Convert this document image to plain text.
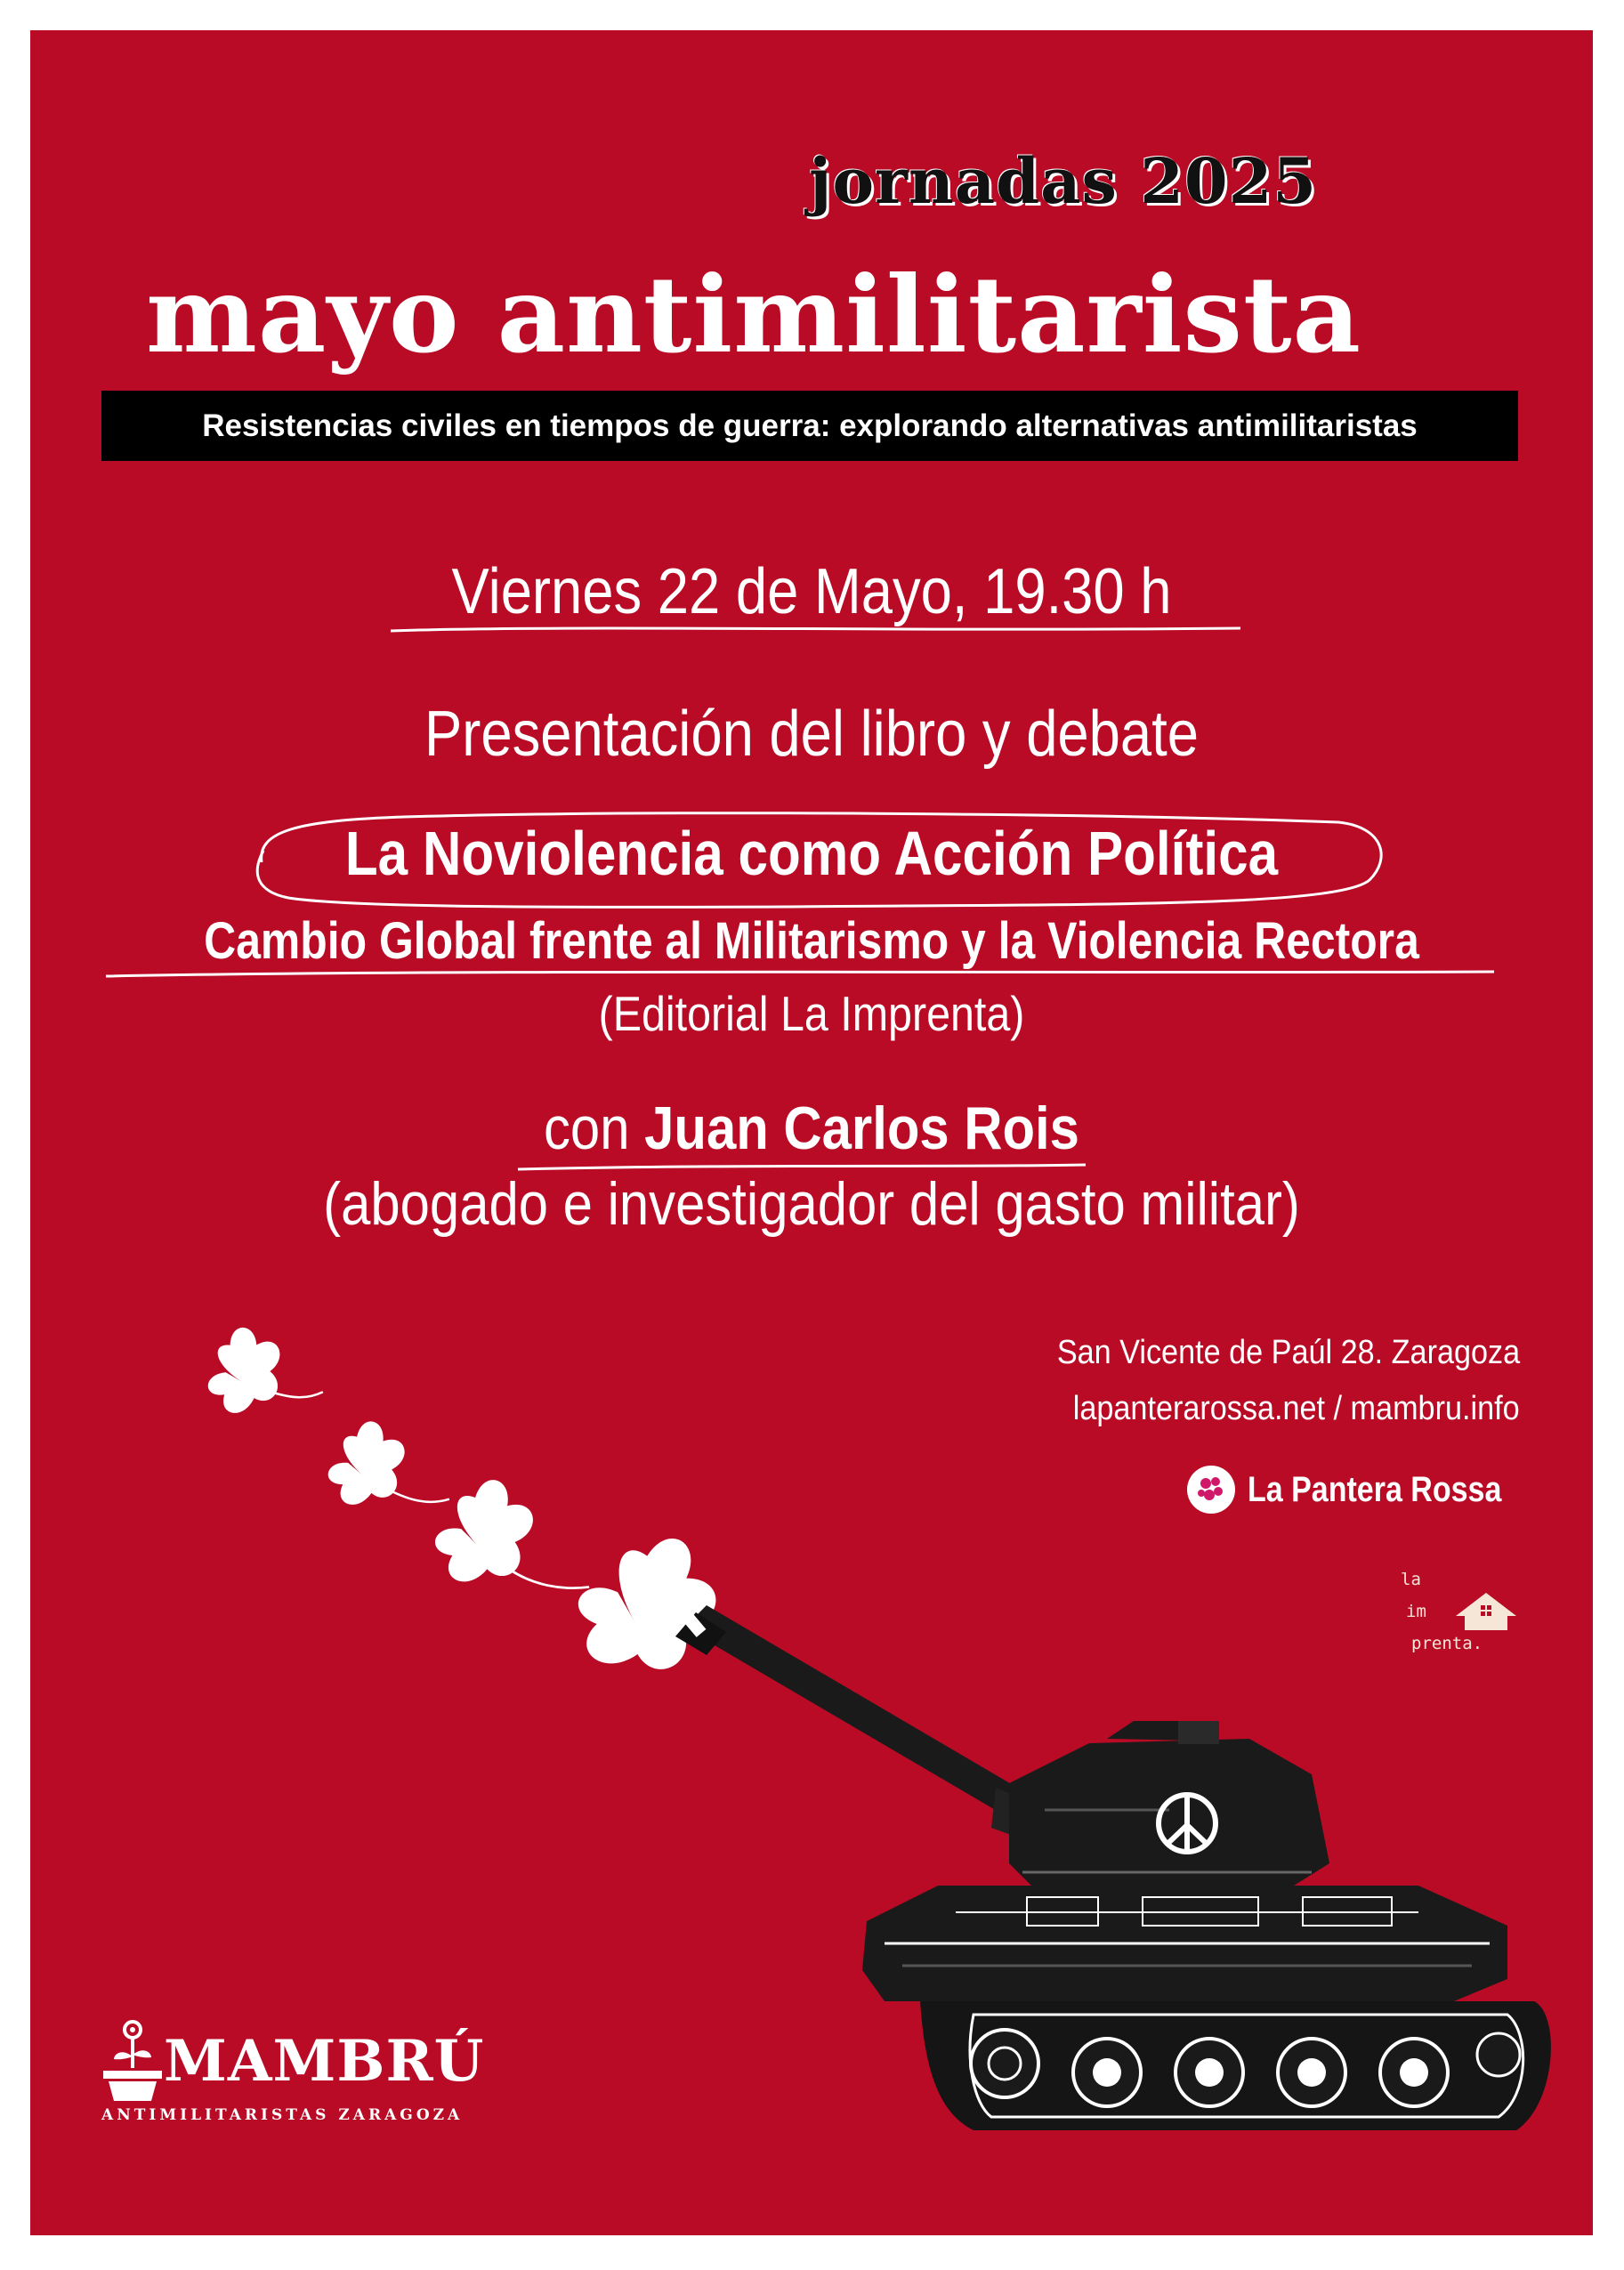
jornadas 2025
mayo antimilitarista
Resistencias civiles en tiempos de guerra: explorando alternativas antimilitaristas
Viernes 22 de Mayo, 19.30 h
Presentación del libro y debate
La Noviolencia como Acción Política
Cambio Global frente al Militarismo y la Violencia Rectora
(Editorial La Imprenta)
con Juan Carlos Rois
(abogado e investigador del gasto militar)
San Vicente de Paúl 28. Zaragoza
lapanterarossa.net / mambru.info
La Pantera Rossa
la
im
prenta.
MAMBRÚ
ANTIMILITARISTAS ZARAGOZA
